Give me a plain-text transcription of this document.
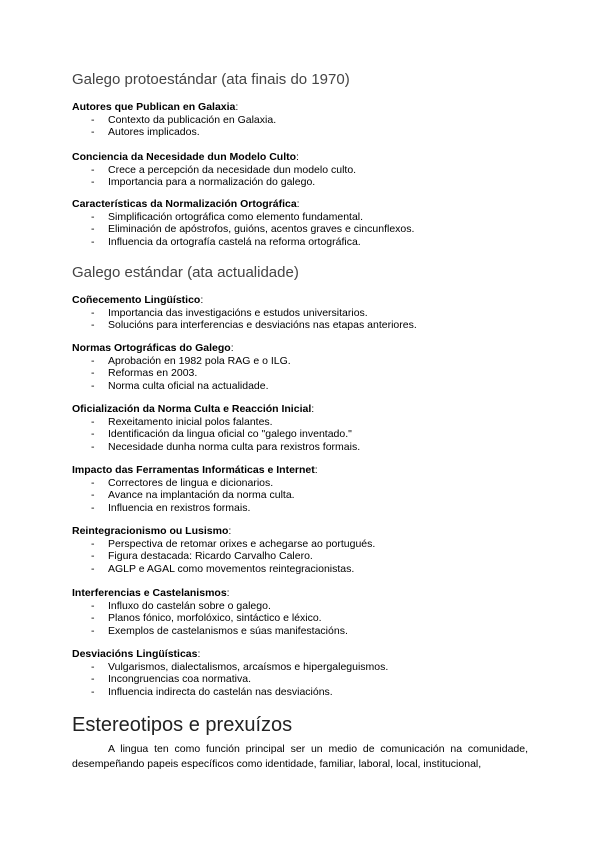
Galego protoestándar (ata finais do 1970)

Autores que Publican en Galaxia:

- Contexto da publicación en Galaxia.
- Autores implicados.

Conciencia da Necesidade dun Modelo Culto:

- Crece a percepción da necesidade dun modelo culto.
- Importancia para a normalización do galego.

Características da Normalización Ortográfica:

- Simplificación ortográfica como elemento fundamental.
- Eliminación de apóstrofos, guións, acentos graves e cincunflexos.
- Influencia da ortografía castelá na reforma ortográfica.
Galego estándar (ata actualidade)

Coñecemento Lingüístico:

- Importancia das investigacións e estudos universitarios.
- Solucións para interferencias e desviacións nas etapas anteriores.

Normas Ortográficas do Galego:

- Aprobación en 1982 pola RAG e o ILG.
- Reformas en 2003.
- Norma culta oficial na actualidade.

Oficialización da Norma Culta e Reacción Inicial:

- Rexeitamento inicial polos falantes.
- Identificación da lingua oficial co "galego inventado."
- Necesidade dunha norma culta para rexistros formais.

Impacto das Ferramentas Informáticas e Internet:

- Correctores de lingua e dicionarios.
- Avance na implantación da norma culta.
- Influencia en rexistros formais.

Reintegracionismo ou Lusismo:

- Perspectiva de retomar orixes e achegarse ao portugués.
- Figura destacada: Ricardo Carvalho Calero.
- AGLP e AGAL como movementos reintegracionistas.

Interferencias e Castelanismos:

- Influxo do castelán sobre o galego.
- Planos fónico, morfolóxico, sintáctico e léxico.
- Exemplos de castelanismos e súas manifestacións.

Desviacións Lingüísticas:

- Vulgarismos, dialectalismos, arcaísmos e hipergaleguismos.
- Incongruencias coa normativa.
- Influencia indirecta do castelán nas desviacións.
Estereotipos e prexuízos

A lingua ten como función principal ser un medio de comunicación na comunidade, desempeñando papeis específicos como identidade, familiar, laboral, local, institucional,
